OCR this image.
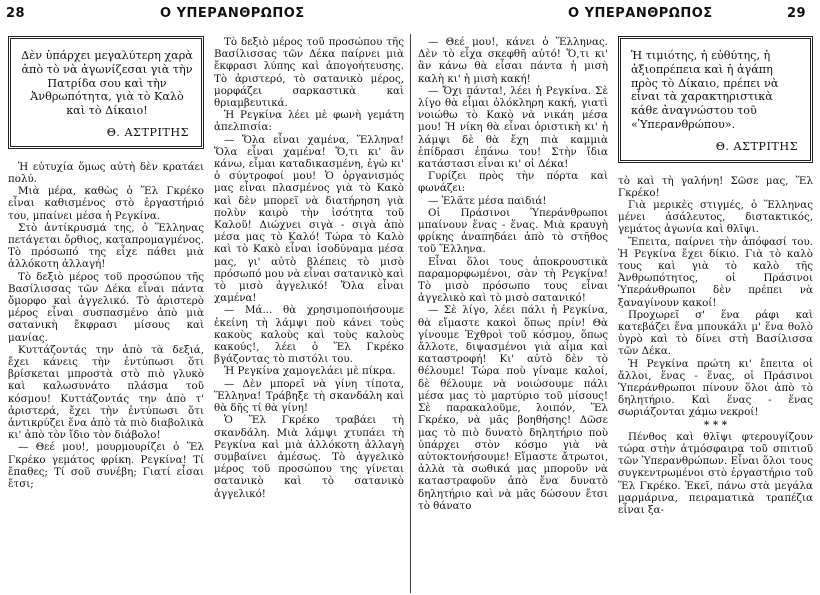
28	Ο ΥΠΕΡΑΝΘΡΩΠΟΣ	Ο ΥΠΕΡΑΝΘΡΩΠΟΣ	29
Δὲν ὑπάρχει μεγαλύτερη χαρὰ ἀπὸ τὸ νὰ ἀγωνίζεσαι γιὰ τὴν Πατρίδα σου καὶ τὴν Ἀνθρωπότητα, γιὰ τὸ Καλὸ καὶ τὸ Δίκαιο!
Θ. ΑΣΤΡΙΤΗΣ

Ἡ εὐτυχία ὅμως αὐτὴ δὲν κρατάει πολύ.

Μιὰ μέρα, καθὼς ὁ Ἕλ Γκρέκο εἶναι καθισμένος στὸ ἐργαστήριό του, μπαίνει μέσα ἡ Ρεγκίνα.

Στὸ ἀντίκρυσμά της, ὁ Ἕλληνας πετάγεται ὄρθιος, καταπρομαγμένος. Τὸ πρόσωπό της εἶχε πάθει μιὰ ἀλλόκοτη ἀλλαγή!

Τὸ δεξιὸ μέρος τοῦ προσώπου τῆς Βασίλισσας τῶν Δέκα εἶναι πάντα ὄμορφο καὶ ἀγγελικό. Τὸ ἀριστερὸ μέρος εἶναι συσπασμένο ἀπὸ μιὰ σατανικὴ ἔκφρασι μίσους καὶ μανίας.

Κυττάζοντάς την ἀπὸ τὰ δεξιά, ἔχει κάνεις τὴν ἐντύπωσι ὅτι βρίσκεται μπροστὰ στὸ πιὸ γλυκὸ καὶ καλωσυνάτο πλάσμα τοῦ κόσμου! Κυττάζοντάς την ἀπὸ τ' ἀριστερά, ἔχει τὴν ἐντύπωσι ὅτι ἀντικρύζει ἕνα ἀπὸ τὰ πιὸ διαβολικὰ κι' ἀπὸ τὸν ἴδιο τὸν διάβολο!

— Θεέ μου!, μουρμουρίζει ὁ Ἕλ Γκρέκο γεμάτος φρίκη. Ρεγκίνα! Τί ἔπαθες; Τί σοῦ συνέβη; Γιατί εἶσαι ἔτσι;

Τὸ δεξιὸ μέρος τοῦ προσώπου τῆς Βασίλισσας τῶν Δέκα παίρνει μιὰ ἔκφρασι λύπης καὶ ἀπογοήτευσης. Τὸ ἀριστερό, τὸ σατανικὸ μέρος, μορφάζει σαρκαστικὰ καὶ θριαμβευτικά.

Ἡ Ρεγκίνα λέει μὲ φωνὴ γεμάτη ἀπελπισία:

— Ὅλα εἶναι χαμένα, Ἕλληνα! Ὅλα εἶναι χαμένα! Ὅ,τι κι' ἂν κάνω, εἶμαι καταδικασμένη, ἐγὼ κι' ὁ σύντροφοί μου! Ὁ ὀργανισμός μας εἶναι πλασμένος γιὰ τὸ Κακὸ καὶ δὲν μπορεῖ νὰ διατήρηση γιὰ πολὺν καιρὸ τὴν ἰσότητα τοῦ Καλοῦ! Διώχνει σιγὰ - σιγὰ ἀπὸ μέσα μας τὸ Καλό! Τώρα τὸ Καλὸ καὶ τὸ Κακὸ εἶναι ἰσοδύναμα μέσα μας, γι' αὐτὸ βλέπεις τὸ μισὸ πρόσωπό μου νὰ εἶναι σατανικὸ καὶ τὸ μισὸ ἀγγελικό! Ὅλα εἶναι χαμένα!

— Μά... θὰ χρησιμοποιήσουμε ἐκείνη τὴ λάμψι ποὺ κάνει τοὺς κακοὺς καλοὺς καὶ τοὺς καλοὺς κακούς!, λέει ὁ Ἕλ Γκρέκο βγάζοντας τὸ πιστόλι του.

Ἡ Ρεγκίνα χαμογελάει μὲ πίκρα.

— Δὲν μπορεῖ νὰ γίνη τίποτα, Ἕλληνα! Τράβηξε τὴ σκανδάλη καὶ θὰ δῆς τί θὰ γίνη!

Ὁ Ἕλ Γκρέκο τραβάει τὴ σκανδάλη. Μιὰ λάμψι χτυπάει τὴ Ρεγκίνα καὶ μιὰ ἀλλόκοτη ἀλλαγὴ συμβαίνει ἀμέσως. Τὸ ἀγγελικὸ μέρος τοῦ προσώπου της γίνεται σατανικὸ καὶ τὸ σατανικὸ ἀγγελικό!

— Θεέ μου!, κάνει ὁ Ἕλληνας. Δὲν τὸ εἶχα σκεφθῆ αὐτό! Ὅ,τι κι' ἂν κάνω θὰ εἶσαι πάντα ἡ μισὴ καλὴ κι' ἡ μισὴ κακή!

— Ὄχι πάντα!, λέει ἡ Ρεγκίνα. Σὲ λίγο θὰ εἶμαι ὁλόκληρη κακή, γιατὶ νοιώθω τὸ Κακὸ νὰ νικάη μέσα μου! Ἡ νίκη θὰ εἶναι ὁριστικὴ κι' ἡ λάμψι δὲ θὰ ἔχη πιὰ καμμιὰ ἐπίδρασι ἐπάνω του! Στὴν ἴδια κατάστασι εἶναι κι' οἱ Δέκα!

Γυρίζει πρὸς τὴν πόρτα καὶ φωνάζει:

— Ἐλᾶτε μέσα παιδιά!

Οἱ Πράσινοι Ὑπεράνθρωποι μπαίνουν ἕνας - ἕνας. Μιὰ κραυγὴ φρίκης ἀναπηδάει ἀπὸ τὸ στῆθος τοῦ Ἕλληνα.

Εἶναι ὅλοι τους ἀποκρουστικὰ παραμορφωμένοι, σὰν τὴ Ρεγκίνα! Τὸ μισὸ πρόσωπο τους εἶναι ἀγγελικὸ καὶ τὸ μισὸ σατανικό!

— Σὲ λίγο, λέει πάλι ἡ Ρεγκίνα, θὰ εἴμαστε κακοὶ ὅπως πρίν! Θὰ γίνουμε Ἐχθροὶ τοῦ κόσμου, ὅπως ἄλλοτε, διψασμένοι γιὰ αἷμα καὶ καταστροφή! Κι' αὐτὸ δὲν τὸ θέλουμε! Τώρα ποὺ γίναμε καλοί, δὲ θέλουμε νὰ νοιώσουμε πάλι μέσα μας τὸ μαρτύριο τοῦ μίσους! Σὲ παρακαλοῦμε, λοιπόν, Ἕλ Γκρέκο, νὰ μᾶς βοηθήσης! Δῶσε μας τὸ πιὸ δυνατὸ δηλητήριο ποὺ ὑπάρχει στὸν κόσμο γιὰ νὰ αὐτοκτονήσουμε! Εἴμαστε ἄτρωτοι, ἀλλὰ τὰ σωθικά μας μποροῦν νὰ καταστραφοῦν ἀπὸ ἕνα δυνατὸ δηλητήριο καὶ νὰ μᾶς δώσουν ἔτσι τὸ θάνατο

Ἡ τιμιότης, ἡ εὐθύτης, ἡ ἀξιοπρέπεια καὶ ἡ ἀγάπη πρὸς τὸ Δίκαιο, πρέπει νὰ εἶναι τὰ χαρακτηριστικὰ κάθε ἀναγνώστου τοῦ «Ὑπερανθρώπου».
Θ. ΑΣΤΡΙΤΗΣ

τὸ καὶ τὴ γαλήνη! Σῶσε μας, Ἕλ Γκρέκο!

Γιὰ μερικὲς στιγμές, ὁ Ἕλληνας μένει ἀσάλευτος, διστακτικός, γεμάτος ἀγωνία καὶ θλῖψι.

Ἔπειτα, παίρνει τὴν ἀπόφασί του. Ἡ Ρεγκίνα ἔχει δίκιο. Γιὰ τὸ καλὸ τους καὶ γιὰ τὸ καλὸ τῆς Ἀνθρωπότητος, οἱ Πράσινοι Ὑπεράνθρωποι δὲν πρέπει νὰ ξαναγίνουν κακοί!

Προχωρεῖ σ' ἕνα ράφι καὶ κατεβάζει ἕνα μπουκάλι μ' ἕνα θολὸ ὑγρὸ καὶ τὸ δίνει στὴ Βασίλισσα τῶν Δέκα.

Ἡ Ρεγκίνα πρώτη κι' ἔπειτα οἱ ἄλλοι, ἕνας - ἕνας, οἱ Πράσινοι Ὑπεράνθρωποι πίνουν ὅλοι ἀπὸ τὸ δηλητήριο. Καὶ ἕνας - ἕνας σωριάζονται χάμω νεκροί!

* * *

Πένθος καὶ θλῖψι φτερουγίζουν τώρα στὴν ἀτμόσφαιρα τοῦ σπιτιοῦ τῶν Ὑπερανθρώπων. Εἶναι ὅλοι τους συγκεντρωμένοι στὸ ἐργαστήριο τοῦ Ἕλ Γκρέκο. Ἐκεῖ, πάνω στὰ μεγάλα μαρμάρινα, πειραματικὰ τραπέζια εἶναι ξα-
